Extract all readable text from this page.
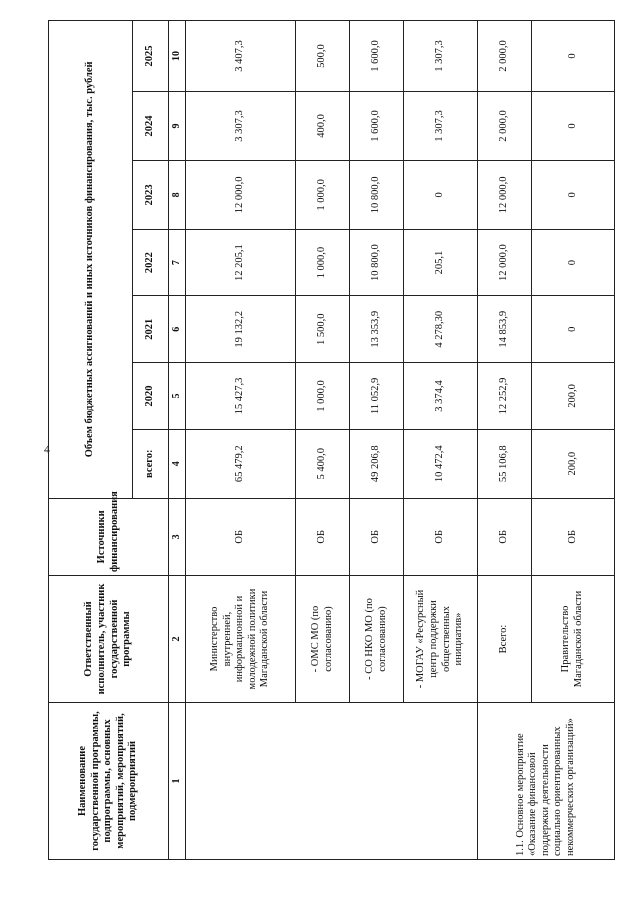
4
Наименование государственной программы, подпрограммы, основных мероприятий, мероприятий, подмероприятий	Ответственный исполнитель, участник государственной программы	Источники финансирования	Объем бюджетных ассигнований и иных источников финансирования, тыс. рублей						
			всего:	2020	2021	2022	2023	2024	2025
1	2	3	4	5	6	7	8	9	10
	Министерство внутренней, информационной и молодежной политики Магаданской области	ОБ	65 479,2	15 427,3	19 132,2	12 205,1	12 000,0	3 307,3	3 407,3
	- ОМС МО (по согласованию)	ОБ	5 400,0	1 000,0	1 500,0	1 000,0	1 000,0	400,0	500,0
	- СО НКО МО (по согласованию)	ОБ	49 206,8	11 052,9	13 353,9	10 800,0	10 800,0	1 600,0	1 600,0
	- МОГАУ «Ресурсный центр поддержки общественных инициатив»	ОБ	10 472,4	3 374,4	4 278,30	205,1	0	1 307,3	1 307,3
1.1. Основное мероприятие «Оказание финансовой поддержки деятельности социально ориентированных некоммерческих организаций»	Всего:	ОБ	55 106,8	12 252,9	14 853,9	12 000,0	12 000,0	2 000,0	2 000,0
	Правительство Магаданской области	ОБ	200,0	200,0	0	0	0	0	0
